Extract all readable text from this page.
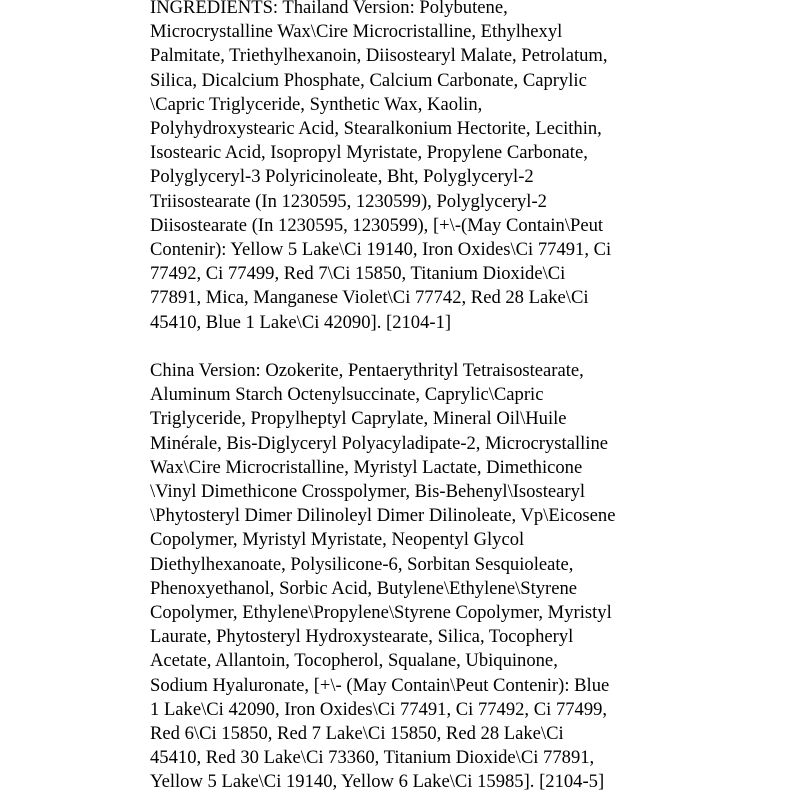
INGREDIENTS: Thailand Version: Polybutene,
Microcrystalline Wax\Cire Microcristalline, Ethylhexyl
Palmitate, Triethylhexanoin, Diisostearyl Malate, Petrolatum,
Silica, Dicalcium Phosphate, Calcium Carbonate, Caprylic
\Capric Triglyceride, Synthetic Wax, Kaolin,
Polyhydroxystearic Acid, Stearalkonium Hectorite, Lecithin,
Isostearic Acid, Isopropyl Myristate, Propylene Carbonate,
Polyglyceryl-3 Polyricinoleate, Bht, Polyglyceryl-2
Triisostearate (In 1230595, 1230599), Polyglyceryl-2
Diisostearate (In 1230595, 1230599), [+\-(May Contain\Peut
Contenir): Yellow 5 Lake\Ci 19140, Iron Oxides\Ci 77491, Ci
77492, Ci 77499, Red 7\Ci 15850, Titanium Dioxide\Ci
77891, Mica, Manganese Violet\Ci 77742, Red 28 Lake\Ci
45410, Blue 1 Lake\Ci 42090]. [2104-1]
China Version: Ozokerite, Pentaerythrityl Tetraisostearate,
Aluminum Starch Octenylsuccinate, Caprylic\Capric
Triglyceride, Propylheptyl Caprylate, Mineral Oil\Huile
Minérale, Bis-Diglyceryl Polyacyladipate-2, Microcrystalline
Wax\Cire Microcristalline, Myristyl Lactate, Dimethicone
\Vinyl Dimethicone Crosspolymer, Bis-Behenyl\Isostearyl
\Phytosteryl Dimer Dilinoleyl Dimer Dilinoleate, Vp\Eicosene
Copolymer, Myristyl Myristate, Neopentyl Glycol
Diethylhexanoate, Polysilicone-6, Sorbitan Sesquioleate,
Phenoxyethanol, Sorbic Acid, Butylene\Ethylene\Styrene
Copolymer, Ethylene\Propylene\Styrene Copolymer, Myristyl
Laurate, Phytosteryl Hydroxystearate, Silica, Tocopheryl
Acetate, Allantoin, Tocopherol, Squalane, Ubiquinone,
Sodium Hyaluronate, [+\- (May Contain\Peut Contenir): Blue
1 Lake\Ci 42090, Iron Oxides\Ci 77491, Ci 77492, Ci 77499,
Red 6\Ci 15850, Red 7 Lake\Ci 15850, Red 28 Lake\Ci
45410, Red 30 Lake\Ci 73360, Titanium Dioxide\Ci 77891,
Yellow 5 Lake\Ci 19140, Yellow 6 Lake\Ci 15985]. [2104-5]
